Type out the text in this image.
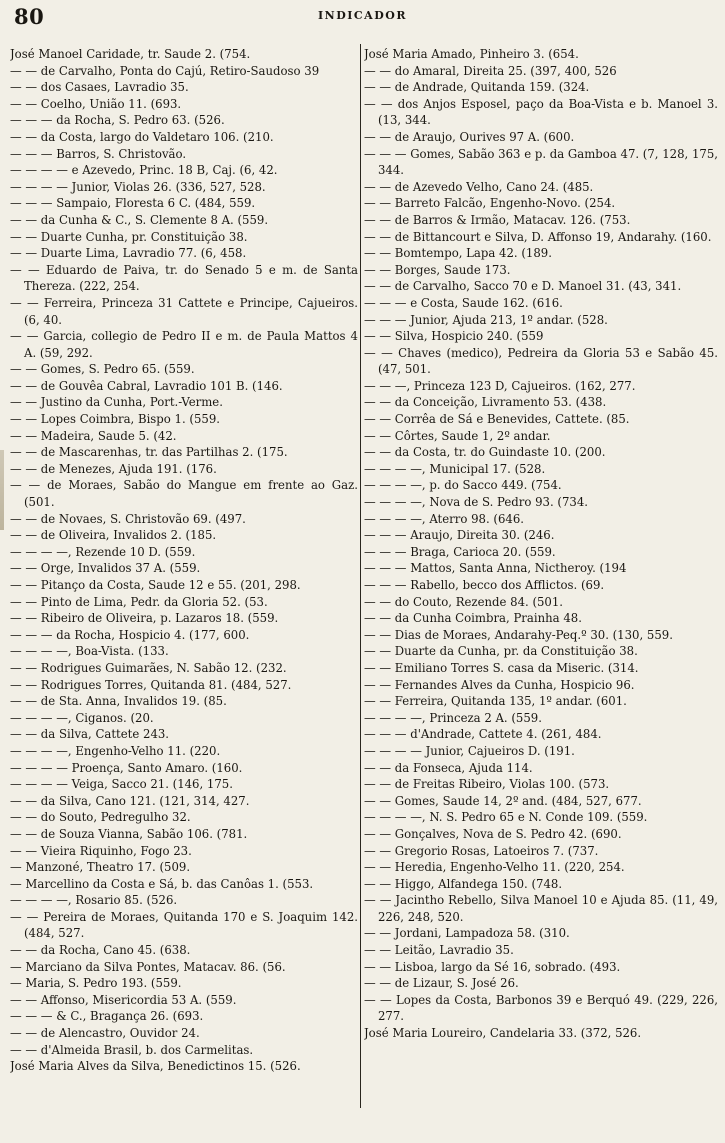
80	INDICADOR
José Manoel Caridade, tr. Saude 2. (754.
— — de Carvalho, Ponta do Cajú, Retiro-Saudoso 39
— — dos Casaes, Lavradio 35.
— — Coelho, União 11. (693.
— — — da Rocha, S. Pedro 63. (526.
— — da Costa, largo do Valdetaro 106. (210.
— — — Barros, S. Christovão.
— — — — e Azevedo, Princ. 18 B, Caj. (6, 42.
— — — — Junior, Violas 26. (336, 527, 528.
— — — Sampaio, Floresta 6 C. (484, 559.
— — da Cunha & C., S. Clemente 8 A. (559.
— — Duarte Cunha, pr. Constituição 38.
— — Duarte Lima, Lavradio 77. (6, 458.
— — Eduardo de Paiva, tr. do Senado 5 e m. de Santa Thereza. (222, 254.
— — Ferreira, Princeza 31 Cattete e Principe, Cajueiros. (6, 40.
— — Garcia, collegio de Pedro II e m. de Paula Mattos 4 A. (59, 292.
— — Gomes, S. Pedro 65. (559.
— — de Gouvêa Cabral, Lavradio 101 B. (146.
— — Justino da Cunha, Port.-Verme.
— — Lopes Coimbra, Bispo 1. (559.
— — Madeira, Saude 5. (42.
— — de Mascarenhas, tr. das Partilhas 2. (175.
— — de Menezes, Ajuda 191. (176.
— — de Moraes, Sabão do Mangue em frente ao Gaz. (501.
— — de Novaes, S. Christovão 69. (497.
— — de Oliveira, Invalidos 2. (185.
— — — —, Rezende 10 D. (559.
— — Orge, Invalidos 37 A. (559.
— — Pitanço da Costa, Saude 12 e 55. (201, 298.
— — Pinto de Lima, Pedr. da Gloria 52. (53.
— — Ribeiro de Oliveira, p. Lazaros 18. (559.
— — — da Rocha, Hospicio 4. (177, 600.
— — — —, Boa-Vista. (133.
— — Rodrigues Guimarães, N. Sabão 12. (232.
— — Rodrigues Torres, Quitanda 81. (484, 527.
— — de Sta. Anna, Invalidos 19. (85.
— — — —, Ciganos. (20.
— — da Silva, Cattete 243.
— — — —, Engenho-Velho 11. (220.
— — — — Proença, Santo Amaro. (160.
— — — — Veiga, Sacco 21. (146, 175.
— — da Silva, Cano 121. (121, 314, 427.
— — do Souto, Pedregulho 32.
— — de Souza Vianna, Sabão 106. (781.
— — Vieira Riquinho, Fogo 23.
— Manzoné, Theatro 17. (509.
— Marcellino da Costa e Sá, b. das Canôas 1. (553.
— — — —, Rosario 85. (526.
— — Pereira de Moraes, Quitanda 170 e S. Joaquim 142. (484, 527.
— — da Rocha, Cano 45. (638.
— Marciano da Silva Pontes, Matacav. 86. (56.
— Maria, S. Pedro 193. (559.
— — Affonso, Misericordia 53 A. (559.
— — — & C., Bragança 26. (693.
— — de Alencastro, Ouvidor 24.
— — d'Almeida Brasil, b. dos Carmelitas.
José Maria Alves da Silva, Benedictinos 15. (526.
José Maria Amado, Pinheiro 3. (654.
— — do Amaral, Direita 25. (397, 400, 526
— — de Andrade, Quitanda 159. (324.
— — dos Anjos Esposel, paço da Boa-Vista e b. Manoel 3. (13, 344.
— — de Araujo, Ourives 97 A. (600.
— — — Gomes, Sabão 363 e p. da Gamboa 47. (7, 128, 175, 344.
— — de Azevedo Velho, Cano 24. (485.
— — Barreto Falcão, Engenho-Novo. (254.
— — de Barros & Irmão, Matacav. 126. (753.
— — de Bittancourt e Silva, D. Affonso 19, Andarahy. (160.
— — Bomtempo, Lapa 42. (189.
— — Borges, Saude 173.
— — de Carvalho, Sacco 70 e D. Manoel 31. (43, 341.
— — — e Costa, Saude 162. (616.
— — — Junior, Ajuda 213, 1º andar. (528.
— — Silva, Hospicio 240. (559
— — Chaves (medico), Pedreira da Gloria 53 e Sabão 45. (47, 501.
— — —, Princeza 123 D, Cajueiros. (162, 277.
— — da Conceição, Livramento 53. (438.
— — Corrêa de Sá e Benevides, Cattete. (85.
— — Côrtes, Saude 1, 2º andar.
— — da Costa, tr. do Guindaste 10. (200.
— — — —, Municipal 17. (528.
— — — —, p. do Sacco 449. (754.
— — — —, Nova de S. Pedro 93. (734.
— — — —, Aterro 98. (646.
— — — Araujo, Direita 30. (246.
— — — Braga, Carioca 20. (559.
— — — Mattos, Santa Anna, Nictheroy. (194
— — — Rabello, becco dos Afflictos. (69.
— — do Couto, Rezende 84. (501.
— — da Cunha Coimbra, Prainha 48.
— — Dias de Moraes, Andarahy-Peq.º 30. (130, 559.
— — Duarte da Cunha, pr. da Constituição 38.
— — Emiliano Torres S. casa da Miseric. (314.
— — Fernandes Alves da Cunha, Hospicio 96.
— — Ferreira, Quitanda 135, 1º andar. (601.
— — — —, Princeza 2 A. (559.
— — — d'Andrade, Cattete 4. (261, 484.
— — — — Junior, Cajueiros D. (191.
— — da Fonseca, Ajuda 114.
— — de Freitas Ribeiro, Violas 100. (573.
— — Gomes, Saude 14, 2º and. (484, 527, 677.
— — — —, N. S. Pedro 65 e N. Conde 109. (559.
— — Gonçalves, Nova de S. Pedro 42. (690.
— — Gregorio Rosas, Latoeiros 7. (737.
— — Heredia, Engenho-Velho 11. (220, 254.
— — Higgo, Alfandega 150. (748.
— — Jacintho Rebello, Silva Manoel 10 e Ajuda 85. (11, 49, 226, 248, 520.
— — Jordani, Lampadoza 58. (310.
— — Leitão, Lavradio 35.
— — Lisboa, largo da Sé 16, sobrado. (493.
— — de Lizaur, S. José 26.
— — Lopes da Costa, Barbonos 39 e Berquó 49. (229, 226, 277.
José Maria Loureiro, Candelaria 33. (372, 526.
